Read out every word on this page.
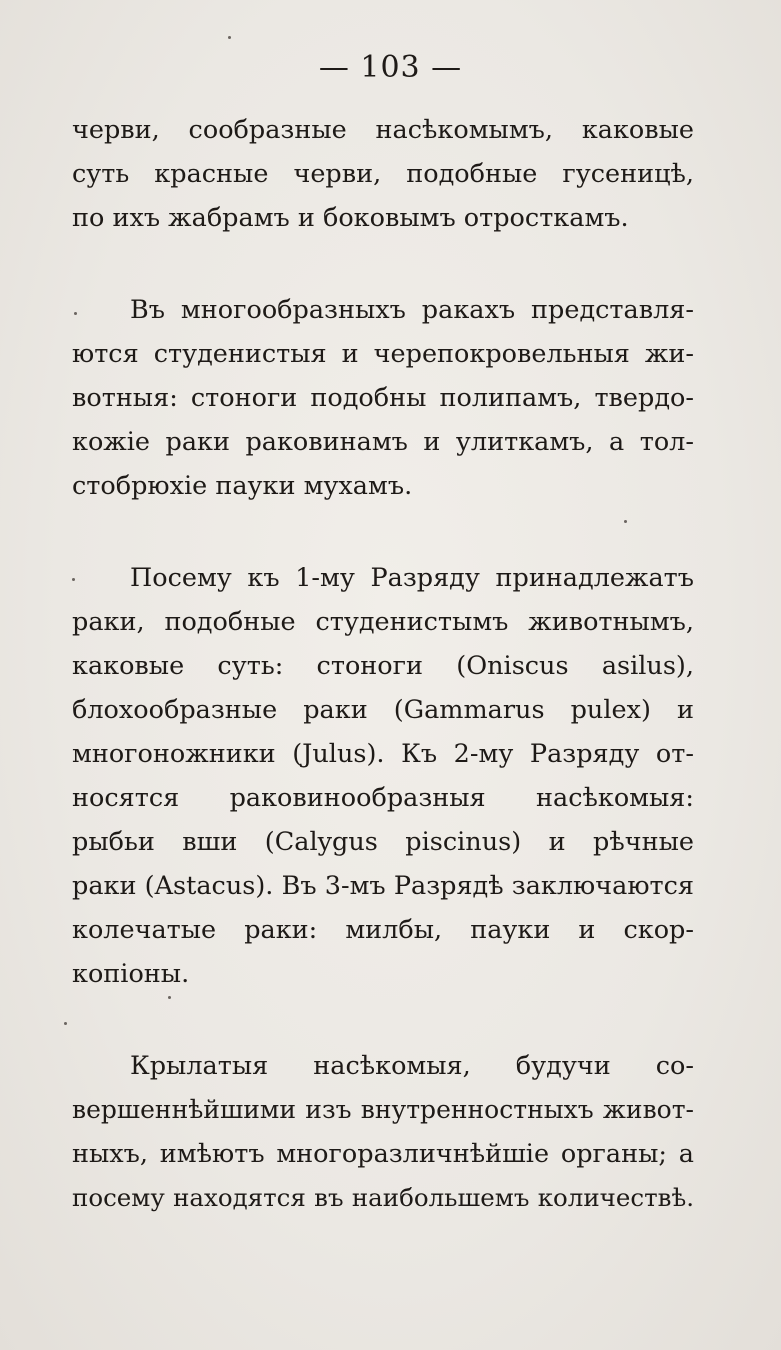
— 103 —
черви, сообразные насѣкомымъ, каковые
суть красные черви, подобные гусеницѣ,
по ихъ жабрамъ и боковымъ отросткамъ.
Въ многообразныхъ ракахъ представля-
ются студенистыя и черепокровельныя жи-
вотныя: стоноги подобны полипамъ, твердо-
кожіе раки раковинамъ и улиткамъ, а тол-
стобрюхіе пауки мухамъ.
Посему къ 1-му Разряду принадлежатъ
раки, подобные студенистымъ животнымъ,
каковые суть: стоноги (Oniscus asilus),
блохообразные раки (Gammarus pulex) и
многоножники (Julus). Къ 2-му Разряду от-
носятся раковинообразныя насѣкомыя:
рыбьи вши (Calygus piscinus) и рѣчные
раки (Astacus). Въ 3-мъ Разрядѣ заключаются
колечатые раки: милбы, пауки и скор-
копіоны.
Крылатыя насѣкомыя, будучи со-
вершеннѣйшими изъ внутренностныхъ живот-
ныхъ, имѣютъ многоразличнѣйшіе органы; а
посему находятся въ наибольшемъ количествѣ.
